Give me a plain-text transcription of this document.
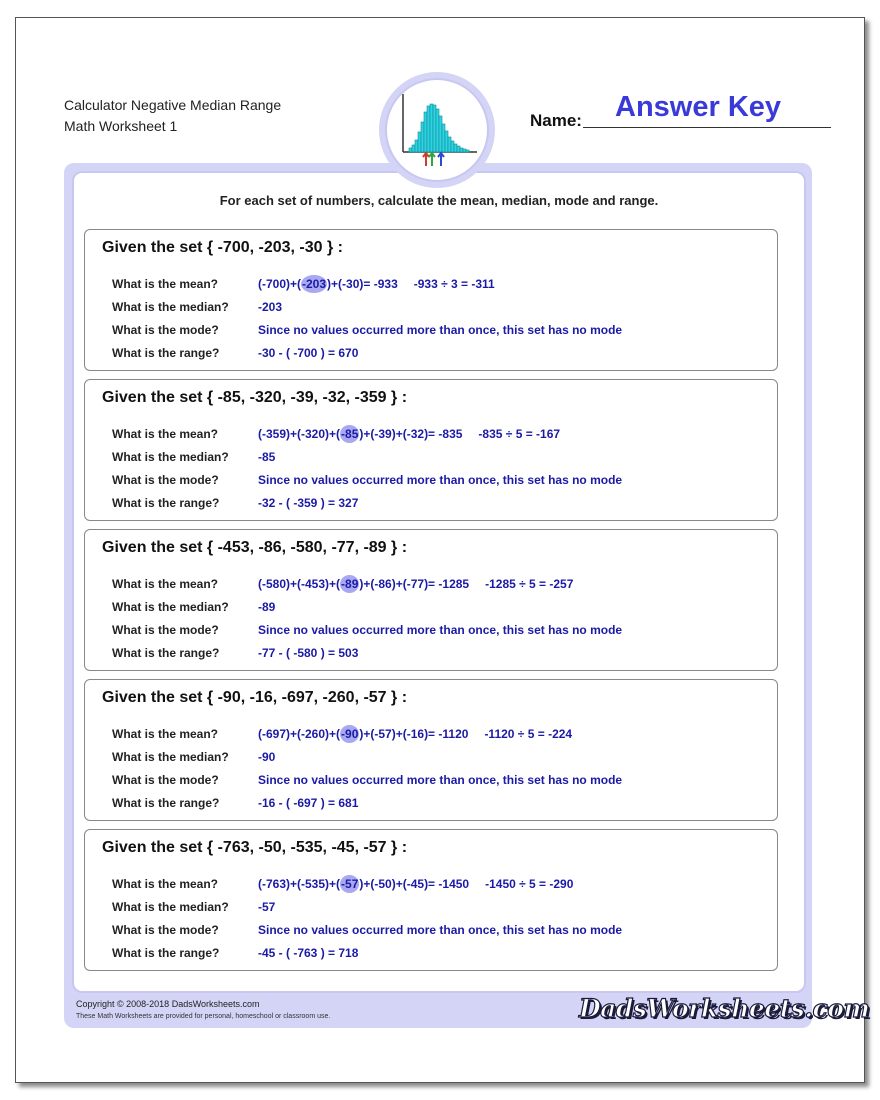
Calculator Negative Median Range
Math Worksheet 1
Answer Key
Name:
For each set of numbers, calculate the mean, median, mode and range.
Given the set { -700, -203, -30 } :
What is the mean?	(-700)+(-203)+(-30)= -933 -933 ÷ 3 = -311
What is the median? -203
What is the mode?	Since no values occurred more than once, this set has no mode
What is the range?	-30 - ( -700 ) = 670
Given the set { -85, -320, -39, -32, -359 } :
What is the mean?	(-359)+(-320)+(-85)+(-39)+(-32)= -835 -835 ÷ 5 = -167
What is the median? -85
What is the mode?	Since no values occurred more than once, this set has no mode
What is the range?	-32 - ( -359 ) = 327
Given the set { -453, -86, -580, -77, -89 } :
What is the mean?	(-580)+(-453)+(-89)+(-86)+(-77)= -1285 -1285 ÷ 5 = -257
What is the median? -89
What is the mode?	Since no values occurred more than once, this set has no mode
What is the range?	-77 - ( -580 ) = 503
Given the set { -90, -16, -697, -260, -57 } :
What is the mean?	(-697)+(-260)+(-90)+(-57)+(-16)= -1120 -1120 ÷ 5 = -224
What is the median? -90
What is the mode?	Since no values occurred more than once, this set has no mode
What is the range?	-16 - ( -697 ) = 681
Given the set { -763, -50, -535, -45, -57 } :
What is the mean?	(-763)+(-535)+(-57)+(-50)+(-45)= -1450 -1450 ÷ 5 = -290
What is the median? -57
What is the mode?	Since no values occurred more than once, this set has no mode
What is the range?	-45 - ( -763 ) = 718
Copyright © 2008-2018 DadsWorksheets.com
These Math Worksheets are provided for personal, homeschool or classroom use.	DadsWorksheets.com
